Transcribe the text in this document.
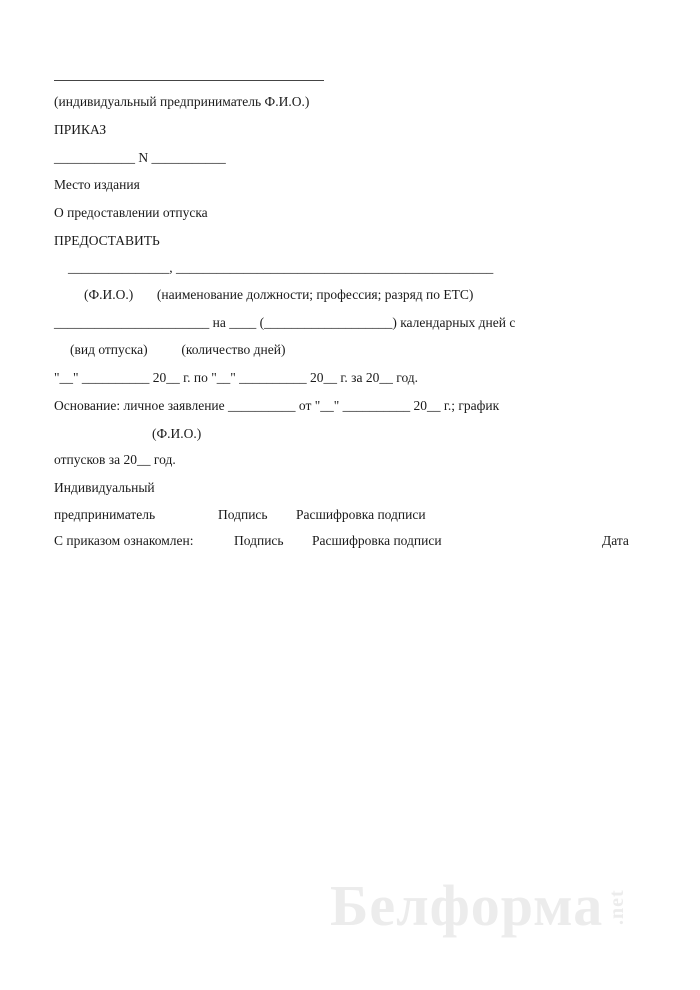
(индивидуальный предприниматель Ф.И.О.)
ПРИКАЗ
____________ N ___________
Место издания
О предоставлении отпуска
ПРЕДОСТАВИТЬ
_______________, _______________________________________________
(Ф.И.О.)       (наименование должности; профессия; разряд по ЕТС)
_______________________ на ____ (___________________) календарных дней с
(вид отпуска)          (количество дней)
"__" __________ 20__ г. по "__" __________ 20__ г. за 20__ год.
Основание: личное заявление __________ от "__" __________ 20__ г.; график
(Ф.И.О.)
отпусков за 20__ год.
Индивидуальный
предприниматель	Подпись Расшифровка подписи
С приказом ознакомлен:	Подпись Расшифровка подписи	Дата
Белформа .net
